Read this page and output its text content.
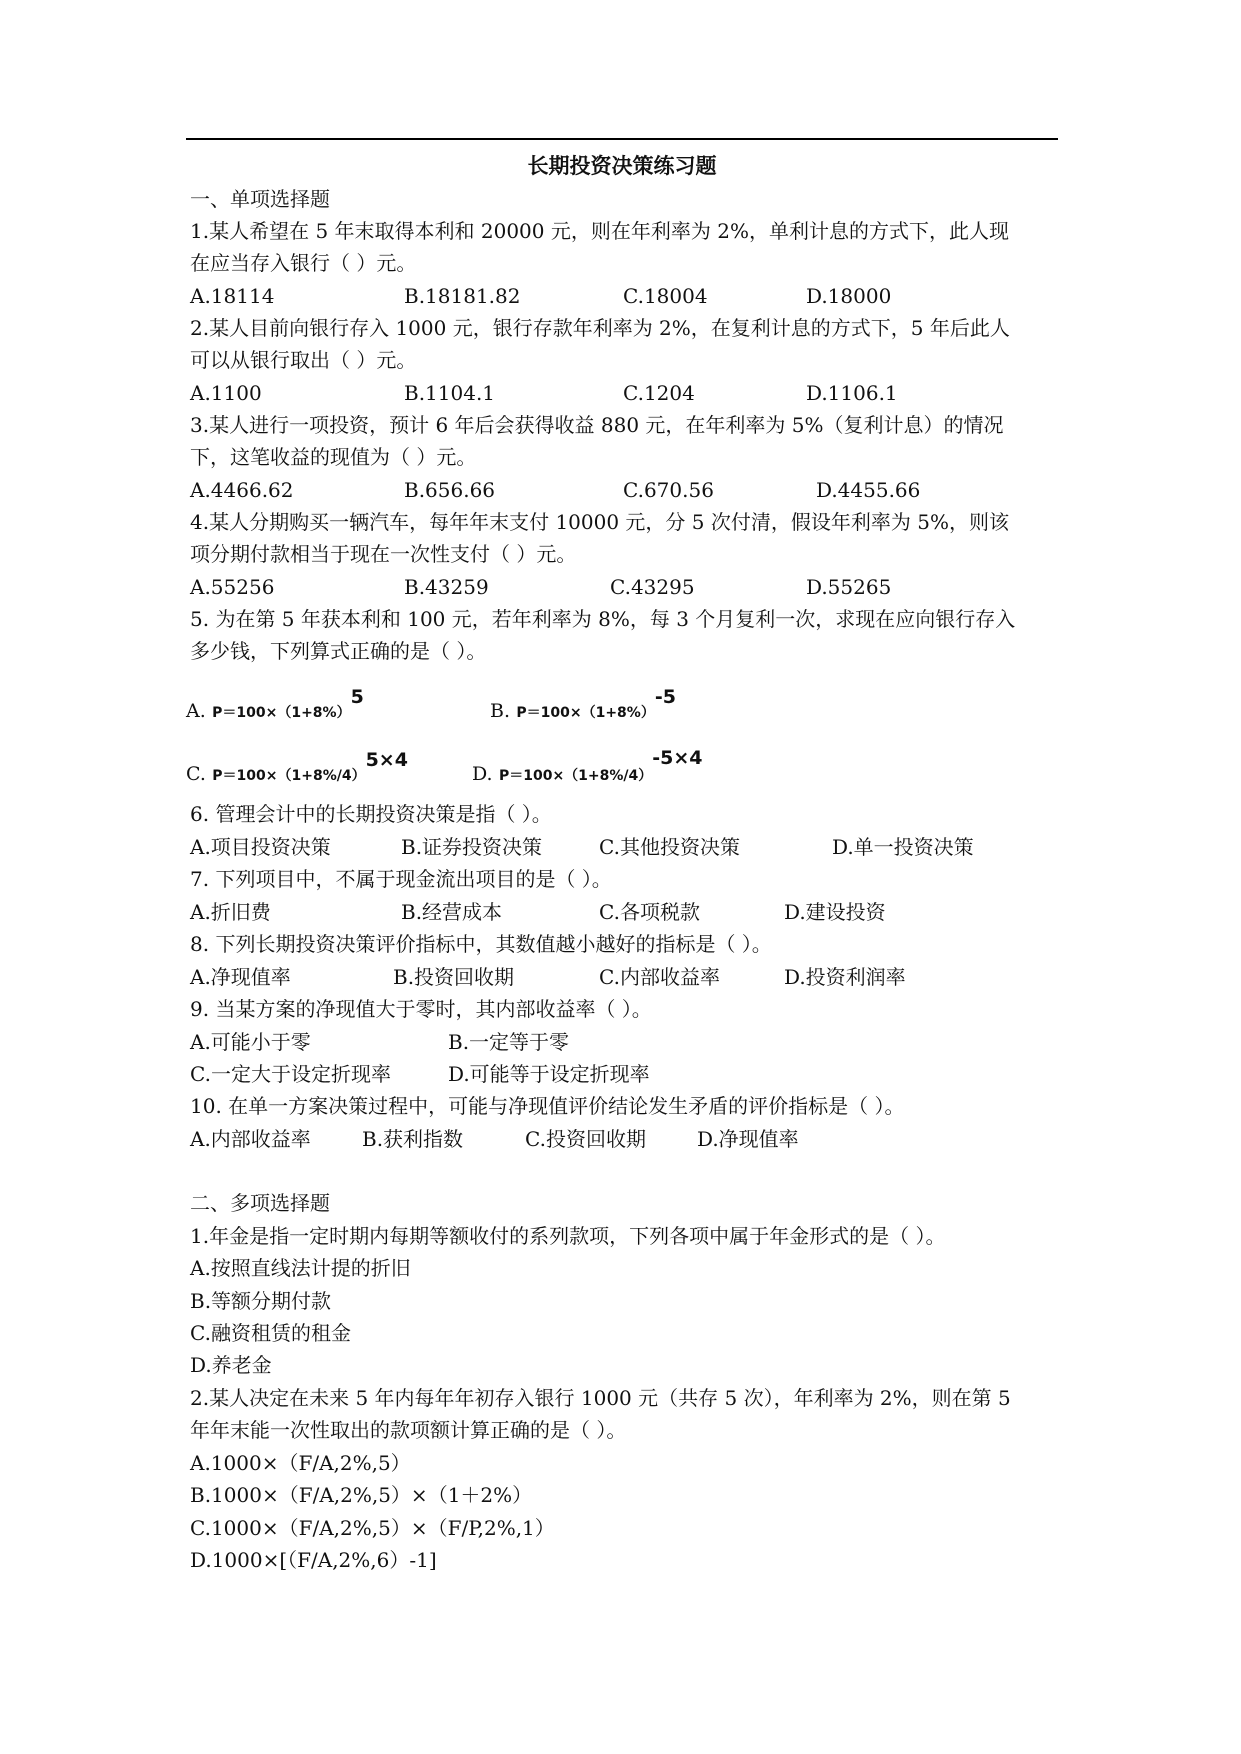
长期投资决策练习题
一、单项选择题
1.某人希望在 5 年末取得本利和 20000 元，则在年利率为 2%，单利计息的方式下，此人现
在应当存入银行（ ）元。
A.18114	B.18181.82	C.18004	D.18000
2.某人目前向银行存入 1000 元，银行存款年利率为 2%，在复利计息的方式下，5 年后此人
可以从银行取出（ ）元。
A.1100	B.1104.1	C.1204	D.1106.1
3.某人进行一项投资，预计 6 年后会获得收益 880 元，在年利率为 5%（复利计息）的情况
下，这笔收益的现值为（ ）元。
A.4466.62	B.656.66	C.670.56	D.4455.66
4.某人分期购买一辆汽车，每年年末支付 10000 元，分 5 次付清，假设年利率为 5%，则该
项分期付款相当于现在一次性支付（ ）元。
A.55256	B.43259	C.43295	D.55265
5. 为在第 5 年获本利和 100 元，若年利率为 8%，每 3 个月复利一次，求现在应向银行存入
多少钱，下列算式正确的是（ ）。
A. P＝100×（1+8%）5
B. P＝100×（1+8%）-5
C. P＝100×（1+8%/4）5×4
D. P＝100×（1+8%/4）-5×4
6. 管理会计中的长期投资决策是指（ ）。
A.项目投资决策	B.证券投资决策	C.其他投资决策	D.单一投资决策
7. 下列项目中，不属于现金流出项目的是（ ）。
A.折旧费	B.经营成本	C.各项税款	D.建设投资
8. 下列长期投资决策评价指标中，其数值越小越好的指标是（ ）。
A.净现值率	B.投资回收期	C.内部收益率	D.投资利润率
9. 当某方案的净现值大于零时，其内部收益率（ ）。
A.可能小于零	B.一定等于零
C.一定大于设定折现率	D.可能等于设定折现率
10. 在单一方案决策过程中，可能与净现值评价结论发生矛盾的评价指标是（ ）。
A.内部收益率	B.获利指数	C.投资回收期	D.净现值率
二、多项选择题
1.年金是指一定时期内每期等额收付的系列款项，下列各项中属于年金形式的是（ ）。
A.按照直线法计提的折旧
B.等额分期付款
C.融资租赁的租金
D.养老金
2.某人决定在未来 5 年内每年年初存入银行 1000 元（共存 5 次），年利率为 2%，则在第 5
年年末能一次性取出的款项额计算正确的是（ ）。
A.1000×（F/A,2%,5）
B.1000×（F/A,2%,5）×（1＋2%）
C.1000×（F/A,2%,5）×（F/P,2%,1）
D.1000×[（F/A,2%,6）-1]
